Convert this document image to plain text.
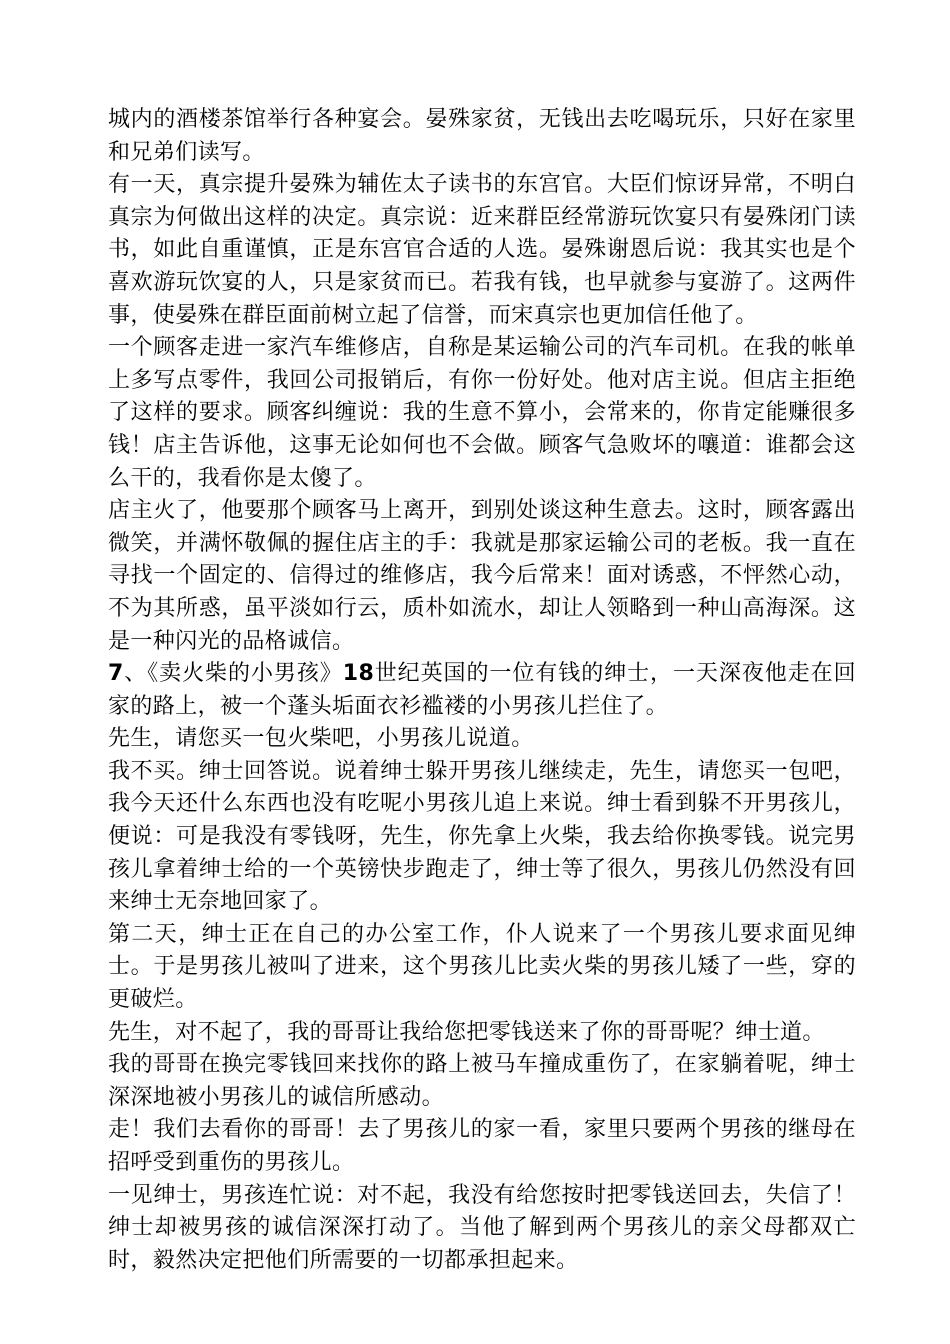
城内的酒楼茶馆举行各种宴会。晏殊家贫，无钱出去吃喝玩乐，只好在家里和兄弟们读写。

有一天，真宗提升晏殊为辅佐太子读书的东宫官。大臣们惊讶异常，不明白真宗为何做出这样的决定。真宗说：近来群臣经常游玩饮宴只有晏殊闭门读书，如此自重谨慎，正是东宫官合适的人选。晏殊谢恩后说：我其实也是个喜欢游玩饮宴的人，只是家贫而已。若我有钱，也早就参与宴游了。这两件事，使晏殊在群臣面前树立起了信誉，而宋真宗也更加信任他了。

一个顾客走进一家汽车维修店，自称是某运输公司的汽车司机。在我的帐单上多写点零件，我回公司报销后，有你一份好处。他对店主说。但店主拒绝了这样的要求。顾客纠缠说：我的生意不算小，会常来的，你肯定能赚很多钱！店主告诉他，这事无论如何也不会做。顾客气急败坏的嚷道：谁都会这么干的，我看你是太傻了。

店主火了，他要那个顾客马上离开，到别处谈这种生意去。这时，顾客露出微笑，并满怀敬佩的握住店主的手：我就是那家运输公司的老板。我一直在寻找一个固定的、信得过的维修店，我今后常来！面对诱惑，不怦然心动，不为其所惑，虽平淡如行云，质朴如流水，却让人领略到一种山高海深。这是一种闪光的品格诚信。

7、《卖火柴的小男孩》18世纪英国的一位有钱的绅士，一天深夜他走在回家的路上，被一个蓬头垢面衣衫褴褛的小男孩儿拦住了。

先生，请您买一包火柴吧，小男孩儿说道。

我不买。绅士回答说。说着绅士躲开男孩儿继续走，先生，请您买一包吧，我今天还什么东西也没有吃呢小男孩儿追上来说。绅士看到躲不开男孩儿，便说：可是我没有零钱呀，先生，你先拿上火柴，我去给你换零钱。说完男孩儿拿着绅士给的一个英镑快步跑走了，绅士等了很久，男孩儿仍然没有回来绅士无奈地回家了。

第二天，绅士正在自己的办公室工作，仆人说来了一个男孩儿要求面见绅士。于是男孩儿被叫了进来，这个男孩儿比卖火柴的男孩儿矮了一些，穿的更破烂。

先生，对不起了，我的哥哥让我给您把零钱送来了你的哥哥呢？绅士道。

我的哥哥在换完零钱回来找你的路上被马车撞成重伤了，在家躺着呢，绅士深深地被小男孩儿的诚信所感动。

走！我们去看你的哥哥！去了男孩儿的家一看，家里只要两个男孩的继母在招呼受到重伤的男孩儿。

一见绅士，男孩连忙说：对不起，我没有给您按时把零钱送回去，失信了！绅士却被男孩的诚信深深打动了。当他了解到两个男孩儿的亲父母都双亡时，毅然决定把他们所需要的一切都承担起来。
